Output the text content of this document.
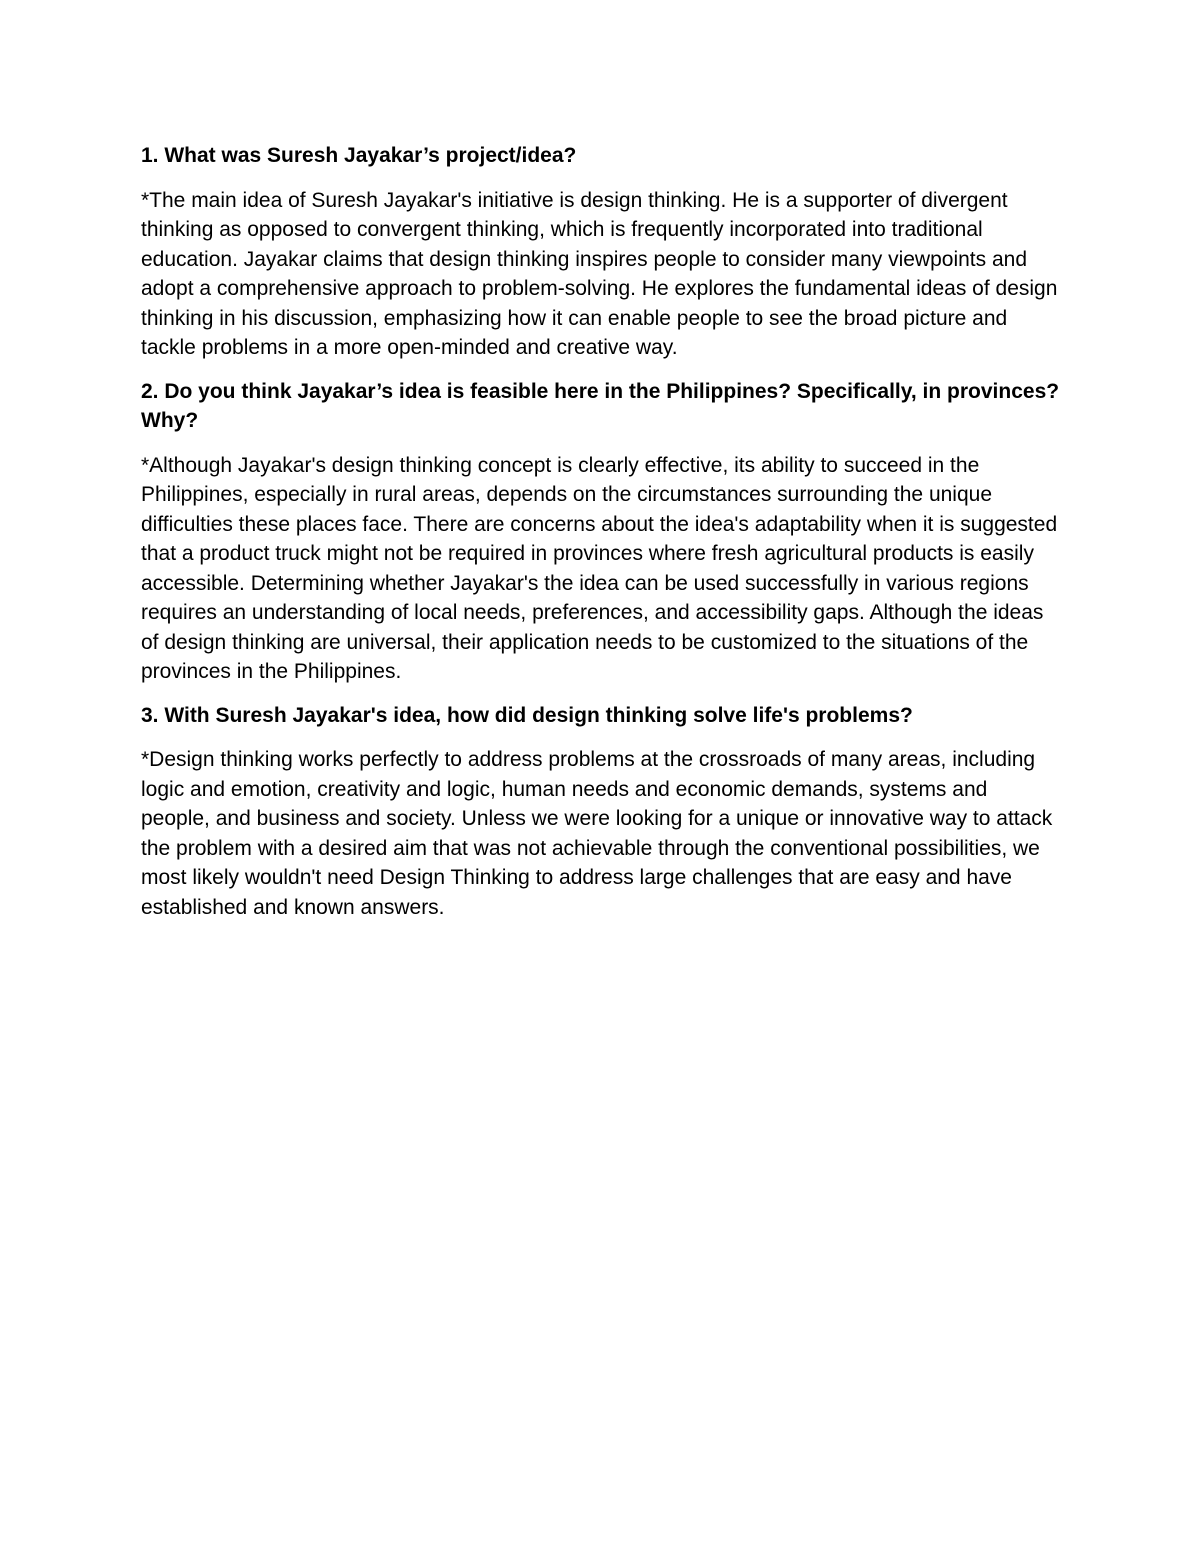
1. What was Suresh Jayakar’s project/idea?

*The main idea of Suresh Jayakar's initiative is design thinking. He is a supporter of divergent thinking as opposed to convergent thinking, which is frequently incorporated into traditional education. Jayakar claims that design thinking inspires people to consider many viewpoints and adopt a comprehensive approach to problem-solving. He explores the fundamental ideas of design thinking in his discussion, emphasizing how it can enable people to see the broad picture and tackle problems in a more open-minded and creative way.

2. Do you think Jayakar’s idea is feasible here in the Philippines? Specifically, in provinces? Why?

*Although Jayakar's design thinking concept is clearly effective, its ability to succeed in the Philippines, especially in rural areas, depends on the circumstances surrounding the unique difficulties these places face. There are concerns about the idea's adaptability when it is suggested that a product truck might not be required in provinces where fresh agricultural products is easily accessible. Determining whether Jayakar's the idea can be used successfully in various regions requires an understanding of local needs, preferences, and accessibility gaps. Although the ideas of design thinking are universal, their application needs to be customized to the situations of the provinces in the Philippines.

3. With Suresh Jayakar's idea, how did design thinking solve life's problems?

*Design thinking works perfectly to address problems at the crossroads of many areas, including logic and emotion, creativity and logic, human needs and economic demands, systems and people, and business and society. Unless we were looking for a unique or innovative way to attack the problem with a desired aim that was not achievable through the conventional possibilities, we most likely wouldn't need Design Thinking to address large challenges that are easy and have established and known answers.
